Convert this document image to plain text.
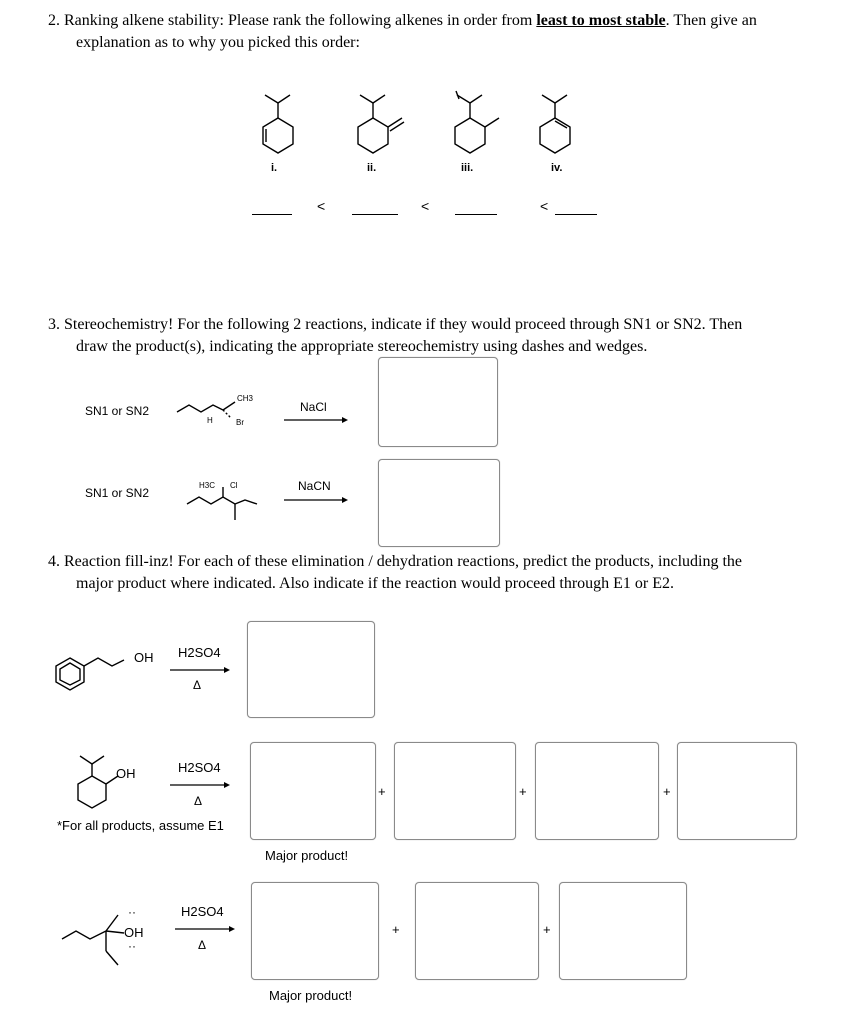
2. Ranking alkene stability: Please rank the following alkenes in order from least to most stable. Then give an
explanation as to why you picked this order:
i.	ii.	iii.	iv.
<	<	<
3. Stereochemistry! For the following 2 reactions, indicate if they would proceed through SN1 or SN2. Then
draw the product(s), indicating the appropriate stereochemistry using dashes and wedges.
SN1 or SN2
CH3
H	Br
NaCl
SN1 or SN2
H3C Cl	NaCN
4. Reaction fill-inz! For each of these elimination / dehydration reactions, predict the products, including the
major product where indicated. Also indicate if the reaction would proceed through E1 or E2.
OH H2SO4
Δ
OH	H2SO4
Δ
*For all products, assume E1
+	+	+
Major product!
··
OH
··
H2SO4
Δ
+	+
Major product!
